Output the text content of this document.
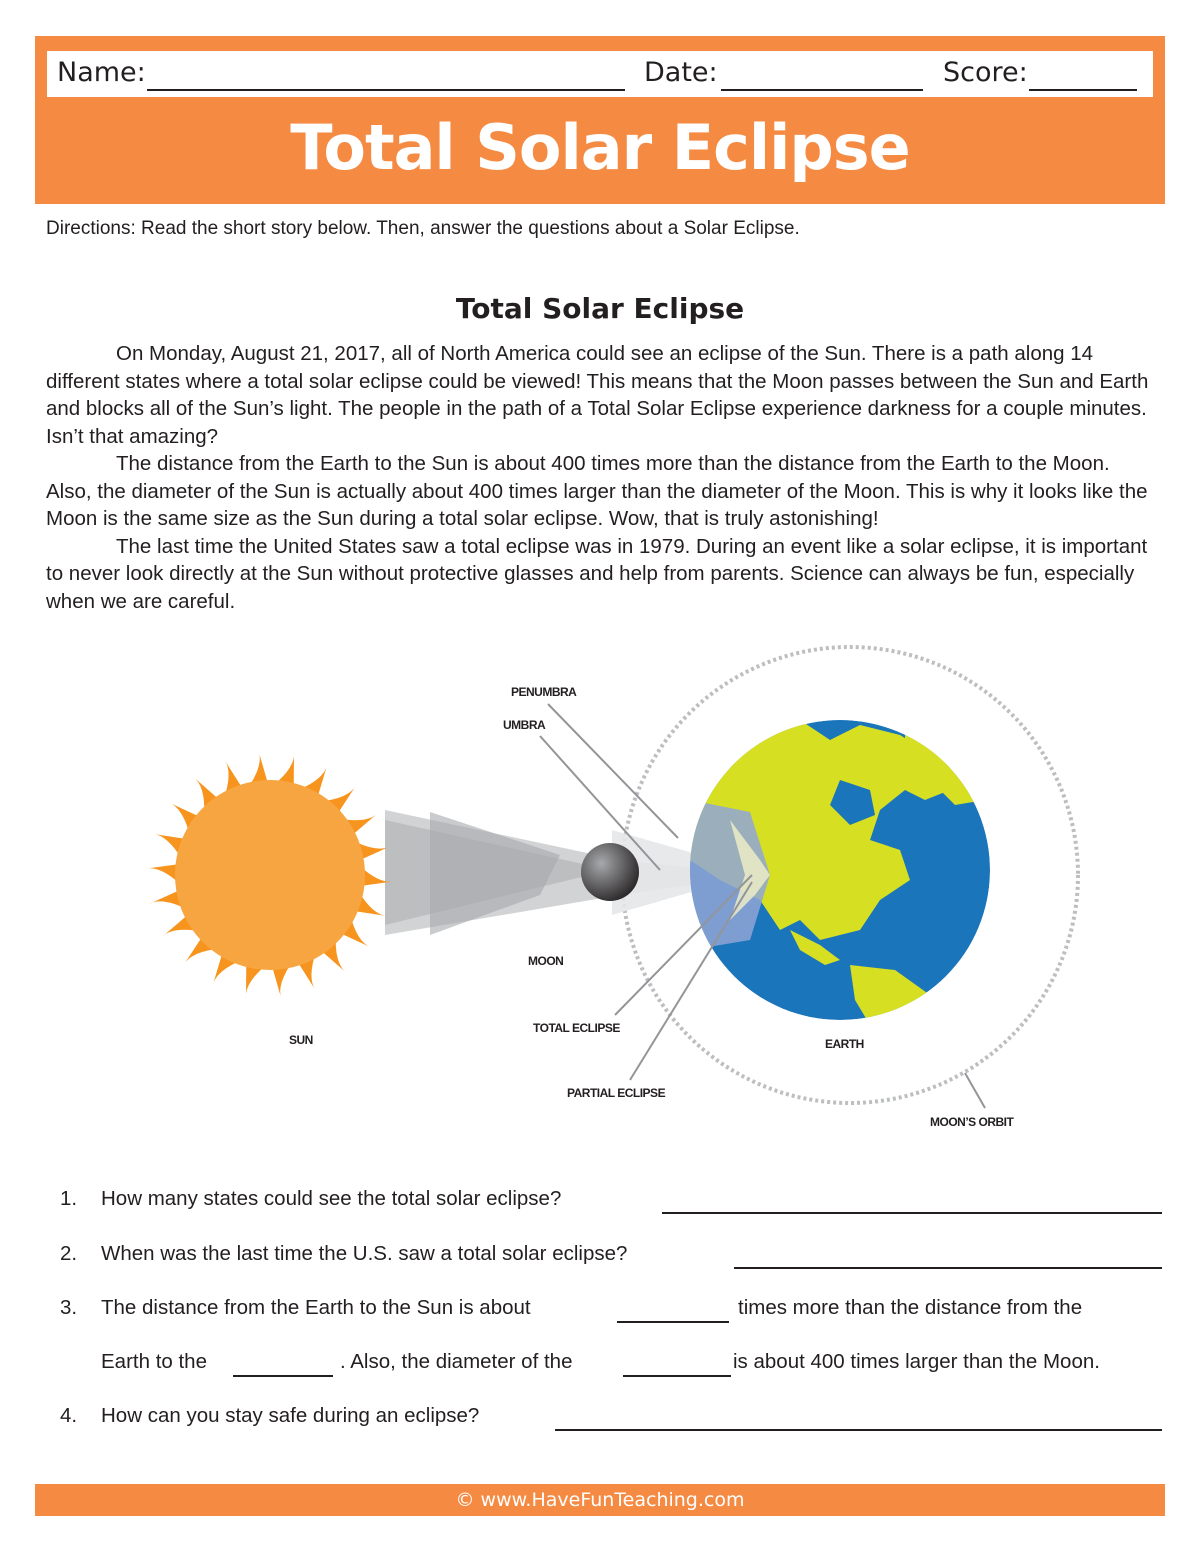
Name:	Date:	Score:
Total Solar Eclipse
Directions: Read the short story below. Then, answer the questions about a Solar Eclipse.
Total Solar Eclipse

On Monday, August 21, 2017, all of North America could see an eclipse of the Sun. There is a path along 14 different states where a total solar eclipse could be viewed! This means that the Moon passes between the Sun and Earth and blocks all of the Sun’s light. The people in the path of a Total Solar Eclipse experience darkness for a couple minutes. Isn’t that amazing?

The distance from the Earth to the Sun is about 400 times more than the distance from the Earth to the Moon. Also, the diameter of the Sun is actually about 400 times larger than the diameter of the Moon. This is why it looks like the Moon is the same size as the Sun during a total solar eclipse. Wow, that is truly astonishing!

The last time the United States saw a total eclipse was in 1979. During an event like a solar eclipse, it is important to never look directly at the Sun without protective glasses and help from parents. Science can always be fun, especially when we are careful.

PENUMBRA
UMBRA
MOON
SUN
TOTAL ECLIPSE
PARTIAL ECLIPSE
EARTH
MOON’S ORBIT
1. How many states could see the total solar eclipse?
2. When was the last time the U.S. saw a total solar eclipse?
3. The distance from the Earth to the Sun is about	times more than the distance from the
Earth to the	. Also, the diameter of the	is about 400 times larger than the Moon.
4. How can you stay safe during an eclipse?
© www.HaveFunTeaching.com
